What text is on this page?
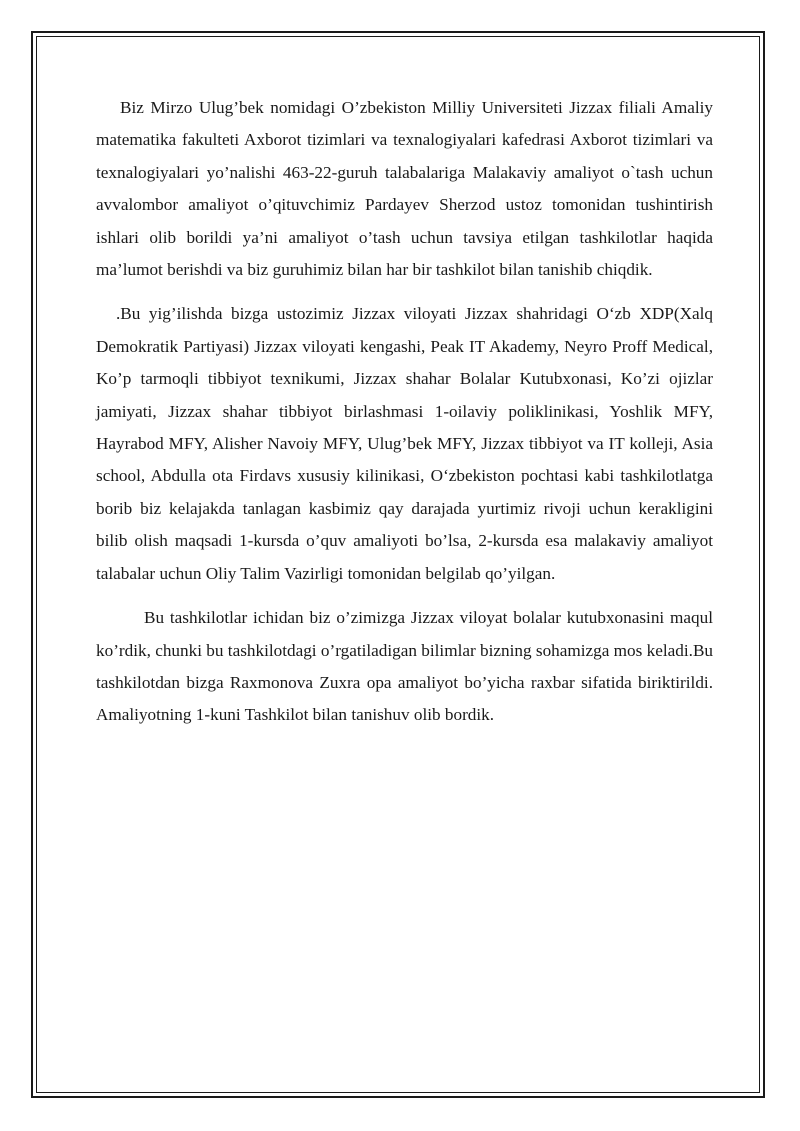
Biz Mirzo Ulug’bek nomidagi O’zbekiston Milliy Universiteti Jizzax filiali Amaliy matematika fakulteti Axborot tizimlari va texnalogiyalari kafedrasi Axborot tizimlari va texnalogiyalari yo’nalishi 463-22-guruh talabalariga Malakaviy amaliyot o`tash uchun avvalombor amaliyot o’qituvchimiz Pardayev Sherzod ustoz tomonidan tushintirish ishlari olib borildi ya’ni amaliyot o’tash uchun tavsiya etilgan tashkilotlar haqida ma’lumot berishdi va biz guruhimiz bilan har bir tashkilot bilan tanishib chiqdik.

.Bu yig’ilishda bizga ustozimiz Jizzax viloyati Jizzax shahridagi O‘zb XDP(Xalq Demokratik Partiyasi) Jizzax viloyati kengashi, Peak IT Akademy, Neyro Proff Medical, Ko’p tarmoqli tibbiyot texnikumi, Jizzax shahar Bolalar Kutubxonasi, Ko’zi ojizlar jamiyati, Jizzax shahar tibbiyot birlashmasi 1-oilaviy poliklinikasi, Yoshlik MFY, Hayrabod MFY, Alisher Navoiy MFY, Ulug’bek MFY, Jizzax tibbiyot va IT kolleji, Asia school, Abdulla ota Firdavs xususiy kilinikasi, O‘zbekiston pochtasi kabi tashkilotlatga borib biz kelajakda tanlagan kasbimiz qay darajada yurtimiz rivoji uchun kerakligini bilib olish maqsadi 1-kursda o’quv amaliyoti bo’lsa, 2-kursda esa malakaviy amaliyot talabalar uchun Oliy Talim Vazirligi tomonidan belgilab qo’yilgan.

Bu tashkilotlar ichidan biz o’zimizga Jizzax viloyat bolalar kutubxonasini maqul ko’rdik, chunki bu tashkilotdagi o’rgatiladigan bilimlar bizning sohamizga mos keladi.Bu tashkilotdan bizga Raxmonova Zuxra opa amaliyot bo’yicha raxbar sifatida biriktirildi. Amaliyotning 1-kuni Tashkilot bilan tanishuv olib bordik.
